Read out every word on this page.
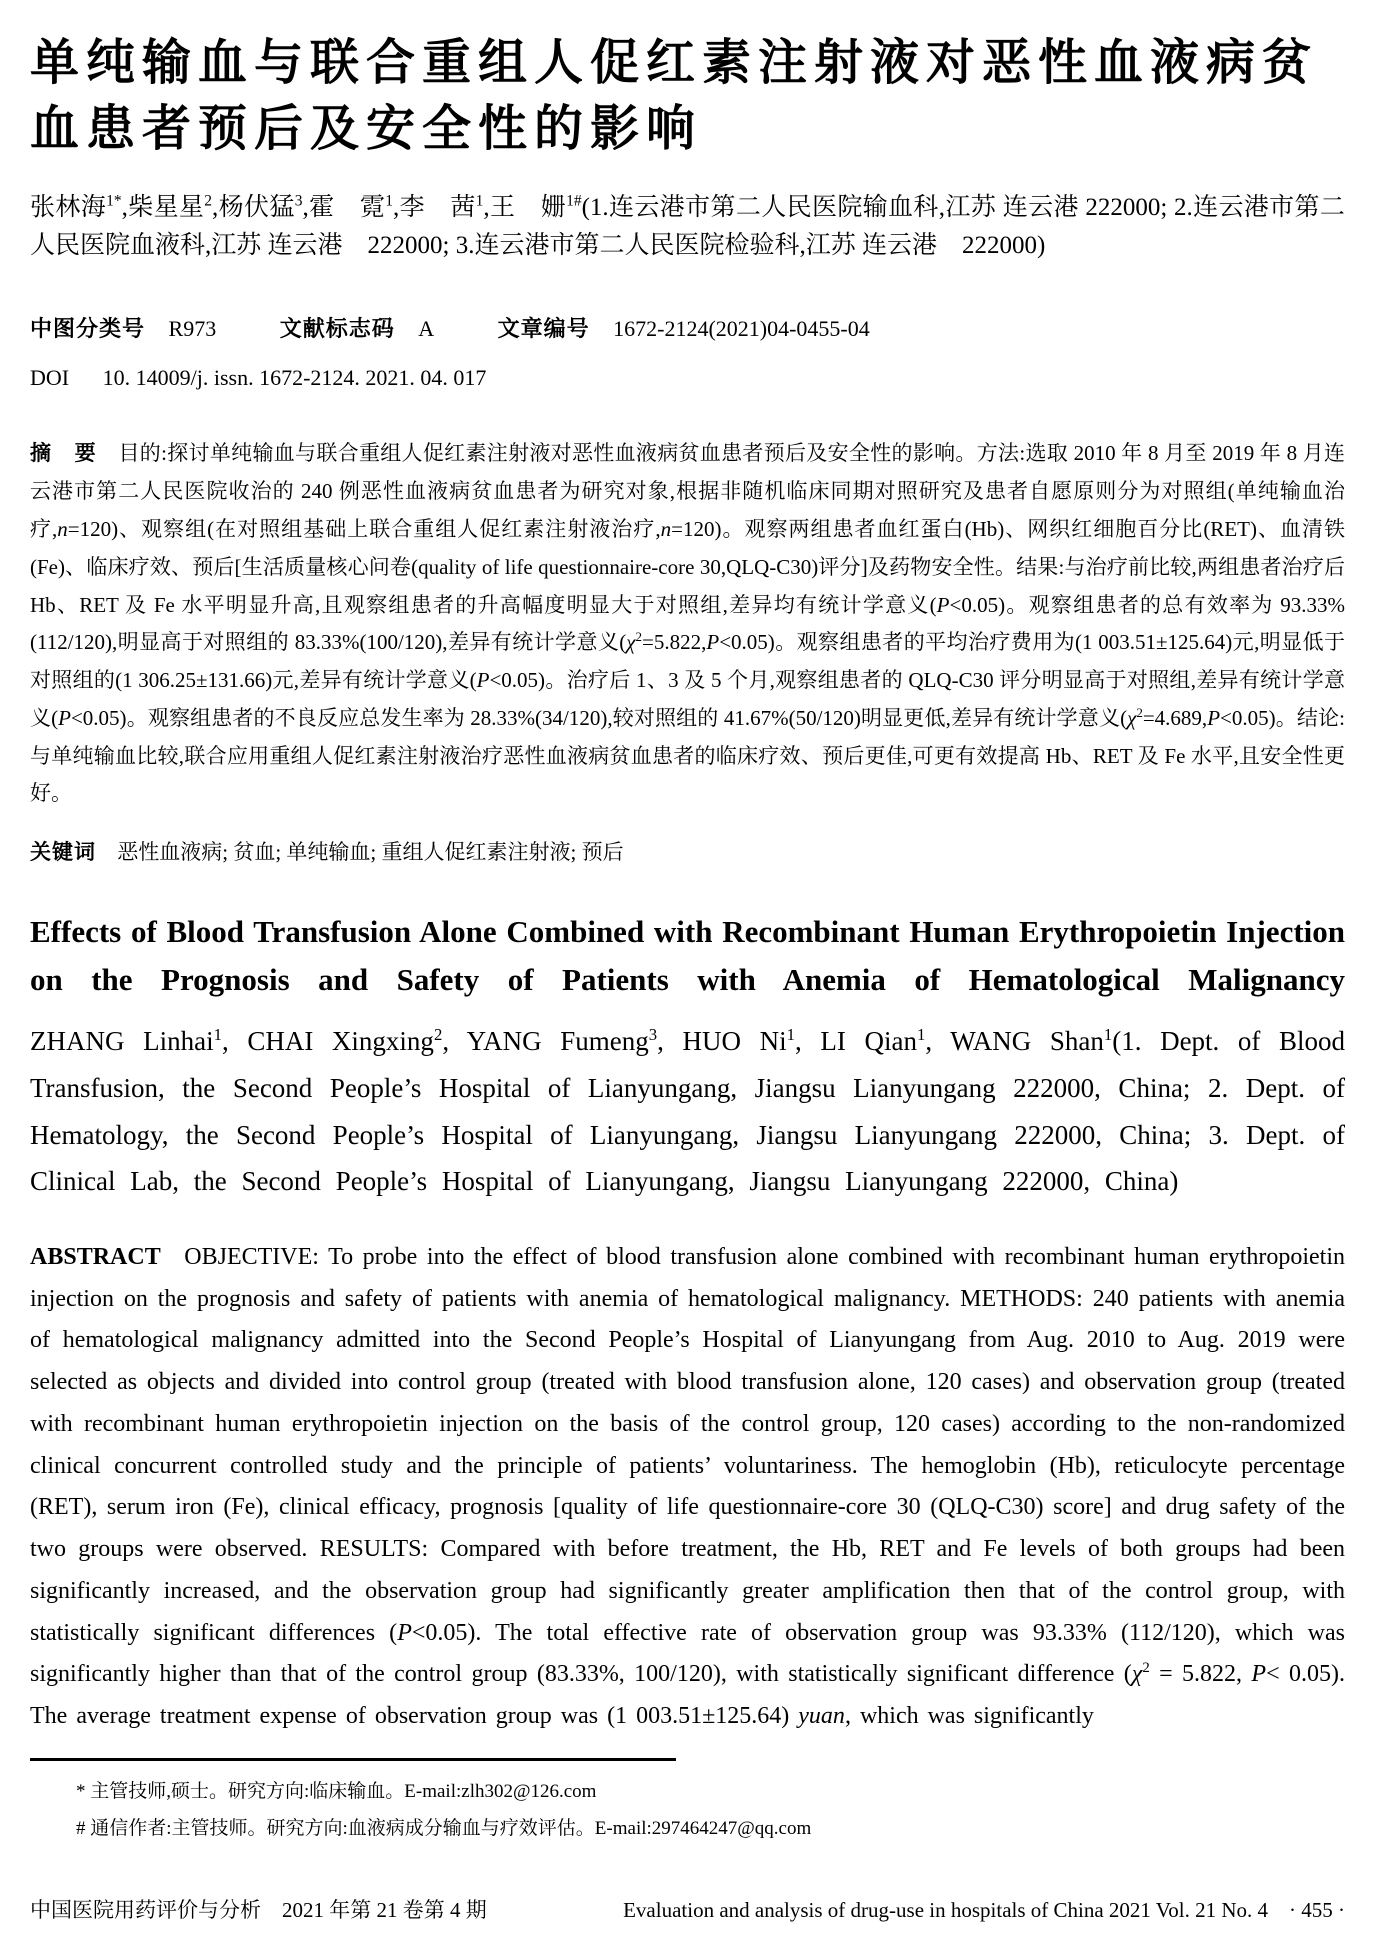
单纯输血与联合重组人促红素注射液对恶性血液病贫血患者预后及安全性的影响

张林海$^{1*}$,柴星星$^2$,杨伏猛$^3$,霍　霓$^1$,李　茜$^1$,王　姗$^{1\#}$(1.连云港市第二人民医院输血科,江苏 连云港 222000; 2.连云港市第二人民医院血液科,江苏 连云港　222000; 3.连云港市第二人民医院检验科,江苏 连云港　222000)

中图分类号 R973	文献标志码 A	文章编号 1672-2124(2021)04-0455-04

DOI 10. 14009/j. issn. 1672-2124. 2021. 04. 017

摘　要 目的:探讨单纯输血与联合重组人促红素注射液对恶性血液病贫血患者预后及安全性的影响。方法:选取 2010 年 8 月至 2019 年 8 月连云港市第二人民医院收治的 240 例恶性血液病贫血患者为研究对象,根据非随机临床同期对照研究及患者自愿原则分为对照组(单纯输血治疗,n=120)、观察组(在对照组基础上联合重组人促红素注射液治疗,n=120)。观察两组患者血红蛋白(Hb)、网织红细胞百分比(RET)、血清铁(Fe)、临床疗效、预后[生活质量核心问卷(quality of life questionnaire-core 30,QLQ-C30)评分]及药物安全性。结果:与治疗前比较,两组患者治疗后 Hb、RET 及 Fe 水平明显升高,且观察组患者的升高幅度明显大于对照组,差异均有统计学意义(P<0.05)。观察组患者的总有效率为 93.33%(112/120),明显高于对照组的 83.33%(100/120),差异有统计学意义$(\chi^2=5.822,P<0.05)$。观察组患者的平均治疗费用为(1 003.51±125.64)元,明显低于对照组的(1 306.25±131.66)元,差异有统计学意义(P<0.05)。治疗后 1、3 及 5 个月,观察组患者的 QLQ-C30 评分明显高于对照组,差异有统计学意义(P<0.05)。观察组患者的不良反应总发生率为 28.33%(34/120),较对照组的 41.67%(50/120)明显更低,差异有统计学意义$(\chi^2=4.689,P<0.05)$。结论:与单纯输血比较,联合应用重组人促红素注射液治疗恶性血液病贫血患者的临床疗效、预后更佳,可更有效提高 Hb、RET 及 Fe 水平,且安全性更好。

关键词 恶性血液病; 贫血; 单纯输血; 重组人促红素注射液; 预后

Effects of Blood Transfusion Alone Combined with Recombinant Human Erythropoietin Injection on the Prognosis and Safety of Patients with Anemia of Hematological Malignancy

ZHANG Linhai$^1$, CHAI Xingxing$^2$, YANG Fumeng$^3$, HUO Ni$^1$, LI Qian$^1$, WANG Shan$^1$(1. Dept. of Blood Transfusion, the Second People’s Hospital of Lianyungang, Jiangsu Lianyungang 222000, China; 2. Dept. of Hematology, the Second People’s Hospital of Lianyungang, Jiangsu Lianyungang 222000, China; 3. Dept. of Clinical Lab, the Second People’s Hospital of Lianyungang, Jiangsu Lianyungang 222000, China)

ABSTRACT OBJECTIVE: To probe into the effect of blood transfusion alone combined with recombinant human erythropoietin injection on the prognosis and safety of patients with anemia of hematological malignancy. METHODS: 240 patients with anemia of hematological malignancy admitted into the Second People’s Hospital of Lianyungang from Aug. 2010 to Aug. 2019 were selected as objects and divided into control group (treated with blood transfusion alone, 120 cases) and observation group (treated with recombinant human erythropoietin injection on the basis of the control group, 120 cases) according to the non-randomized clinical concurrent controlled study and the principle of patients’ voluntariness. The hemoglobin (Hb), reticulocyte percentage (RET), serum iron (Fe), clinical efficacy, prognosis [quality of life questionnaire-core 30 (QLQ-C30) score] and drug safety of the two groups were observed. RESULTS: Compared with before treatment, the Hb, RET and Fe levels of both groups had been significantly increased, and the observation group had significantly greater amplification then that of the control group, with statistically significant differences (P<0.05). The total effective rate of observation group was 93.33% (112/120), which was significantly higher than that of the control group (83.33%, 100/120), with statistically significant difference ($\chi^2 = 5.822$, P< 0.05). The average treatment expense of observation group was (1 003.51±125.64) yuan, which was significantly

* 主管技师,硕士。研究方向:临床输血。E-mail:zlh302@126.com

# 通信作者:主管技师。研究方向:血液病成分输血与疗效评估。E-mail:297464247@qq.com

中国医院用药评价与分析　2021 年第 21 卷第 4 期	Evaluation and analysis of drug-use in hospitals of China 2021 Vol. 21 No. 4　· 455 ·
